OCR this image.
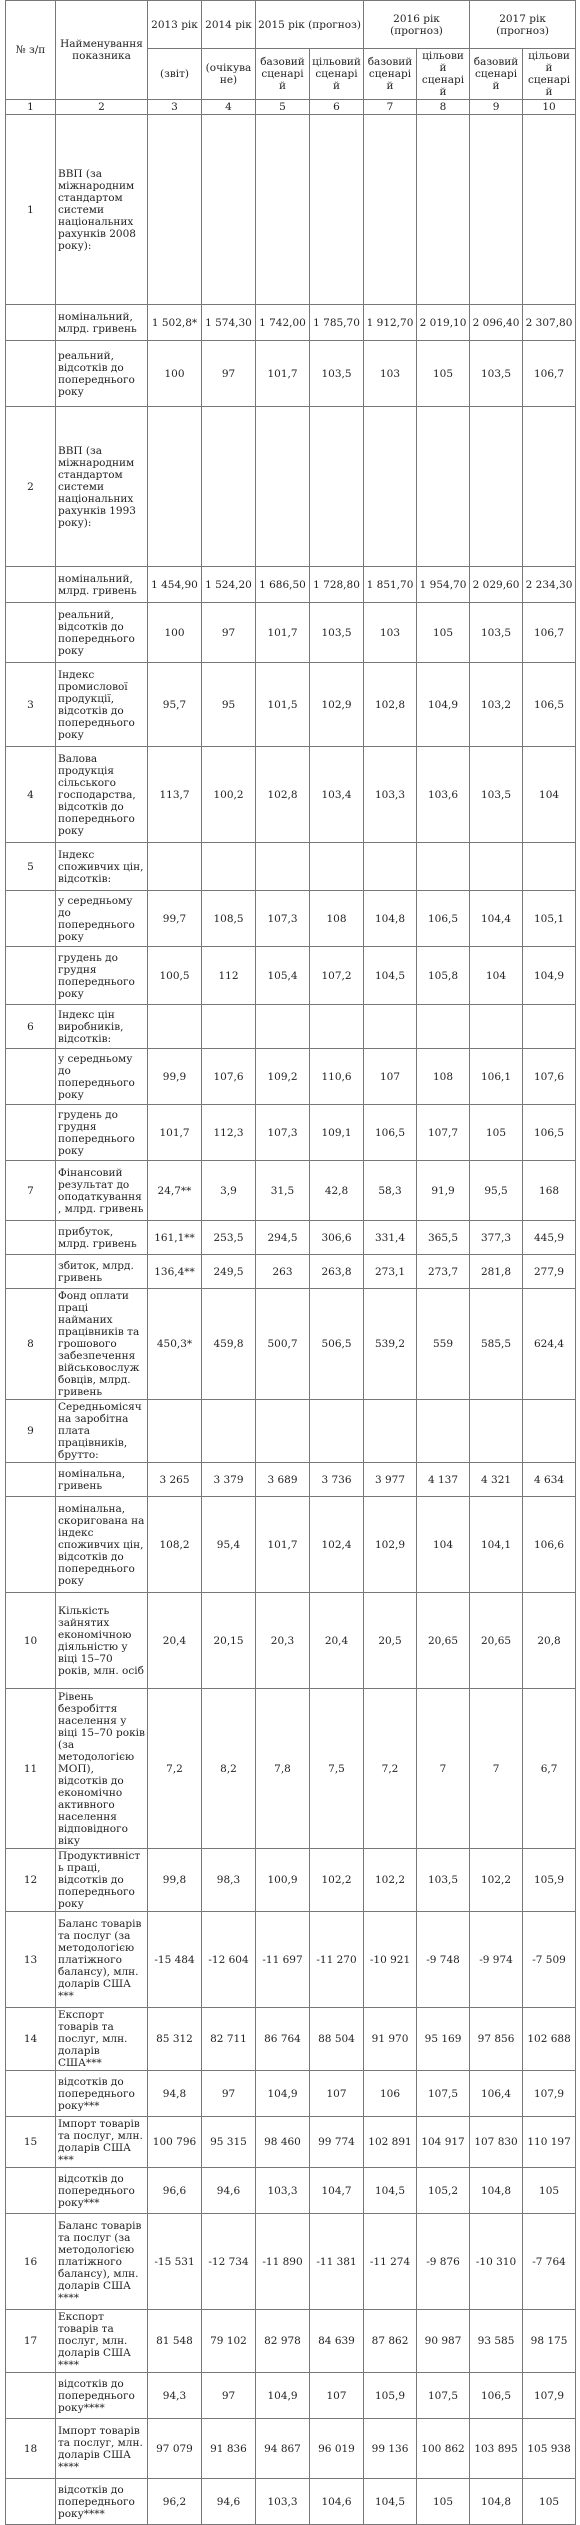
№ з/п	Найменування показника	2013 рік	2014 рік	2015 рік (прогноз)		2016 рік (прогноз)		2017 рік (прогноз)	
		(звіт)	(очікуване)	базовий сценарій	цільовий сценарій	базовий сценарій	цільовий сценарій	базовий сценарій	цільовий сценарій
1	2	3	4	5	6	7	8	9	10
1	ВВП (за міжнародним стандартом системи національних рахунків 2008 року):								
	номінальний, млрд. гривень	1 502,8*	1 574,30	1 742,00	1 785,70	1 912,70	2 019,10	2 096,40	2 307,80
	реальний, відсотків до попереднього року	100	97	101,7	103,5	103	105	103,5	106,7
2	ВВП (за міжнародним стандартом системи національних рахунків 1993 року):								
	номінальний, млрд. гривень	1 454,90	1 524,20	1 686,50	1 728,80	1 851,70	1 954,70	2 029,60	2 234,30
	реальний, відсотків до попереднього року	100	97	101,7	103,5	103	105	103,5	106,7
3	Індекс промислової продукції, відсотків до попереднього року	95,7	95	101,5	102,9	102,8	104,9	103,2	106,5
4	Валова продукція сільського господарства, відсотків до попереднього року	113,7	100,2	102,8	103,4	103,3	103,6	103,5	104
5	Індекс споживчих цін, відсотків:								
	у середньому до попереднього року	99,7	108,5	107,3	108	104,8	106,5	104,4	105,1
	грудень до грудня попереднього року	100,5	112	105,4	107,2	104,5	105,8	104	104,9
6	Індекс цін виробників, відсотків:								
	у середньому до попереднього року	99,9	107,6	109,2	110,6	107	108	106,1	107,6
	грудень до грудня попереднього року	101,7	112,3	107,3	109,1	106,5	107,7	105	106,5
7	Фінансовий результат до оподаткування, млрд. гривень	24,7**	3,9	31,5	42,8	58,3	91,9	95,5	168
	прибуток, млрд. гривень	161,1**	253,5	294,5	306,6	331,4	365,5	377,3	445,9
	збиток, млрд. гривень	136,4**	249,5	263	263,8	273,1	273,7	281,8	277,9
8	Фонд оплати праці найманих працівників та грошового забезпечення військовослужбовців, млрд. гривень	450,3*	459,8	500,7	506,5	539,2	559	585,5	624,4
9	Середньомісячна заробітна плата працівників, брутто:								
	номінальна, гривень	3 265	3 379	3 689	3 736	3 977	4 137	4 321	4 634
	номінальна, скоригована на індекс споживчих цін, відсотків до попереднього року	108,2	95,4	101,7	102,4	102,9	104	104,1	106,6
10	Кількість зайнятих економічною діяльністю у віці 15–70 років, млн. осіб	20,4	20,15	20,3	20,4	20,5	20,65	20,65	20,8
11	Рівень безробіття населення у віці 15–70 років (за методологією МОП), відсотків до економічно активного населення відповідного віку	7,2	8,2	7,8	7,5	7,2	7	7	6,7
12	Продуктивність праці, відсотків до попереднього року	99,8	98,3	100,9	102,2	102,2	103,5	102,2	105,9
13	Баланс товарів та послуг (за методологією платіжного балансу), млн. доларів США ***	-15 484	-12 604	-11 697	-11 270	-10 921	-9 748	-9 974	-7 509
14	Експорт товарів та послуг, млн. доларів США***	85 312	82 711	86 764	88 504	91 970	95 169	97 856	102 688
	відсотків до попереднього року***	94,8	97	104,9	107	106	107,5	106,4	107,9
15	Імпорт товарів та послуг, млн. доларів США ***	100 796	95 315	98 460	99 774	102 891	104 917	107 830	110 197
	відсотків до попереднього року***	96,6	94,6	103,3	104,7	104,5	105,2	104,8	105
16	Баланс товарів та послуг (за методологією платіжного балансу), млн. доларів США ****	-15 531	-12 734	-11 890	-11 381	-11 274	-9 876	-10 310	-7 764
17	Експорт товарів та послуг, млн. доларів США ****	81 548	79 102	82 978	84 639	87 862	90 987	93 585	98 175
	відсотків до попереднього року****	94,3	97	104,9	107	105,9	107,5	106,5	107,9
18	Імпорт товарів та послуг, млн. доларів США ****	97 079	91 836	94 867	96 019	99 136	100 862	103 895	105 938
	відсотків до попереднього року****	96,2	94,6	103,3	104,6	104,5	105	104,8	105
